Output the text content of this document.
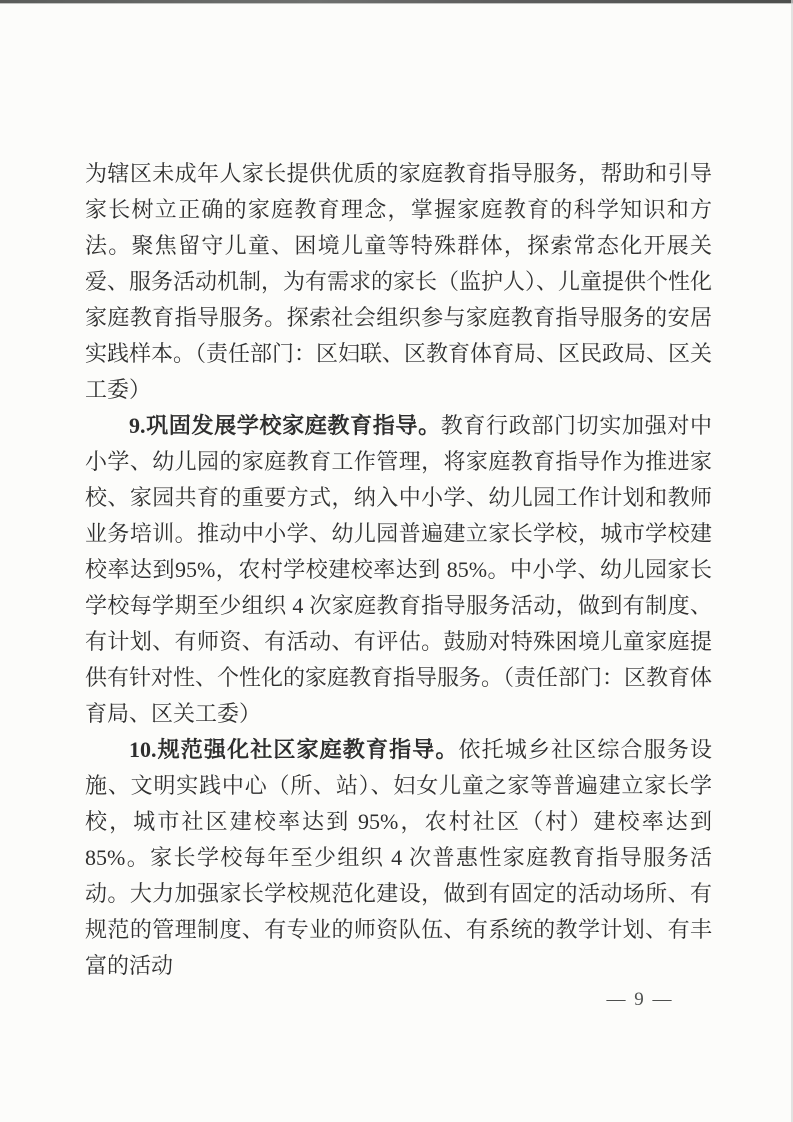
为辖区未成年人家长提供优质的家庭教育指导服务，帮助和引导家长树立正确的家庭教育理念，掌握家庭教育的科学知识和方法。聚焦留守儿童、困境儿童等特殊群体，探索常态化开展关爱、服务活动机制，为有需求的家长（监护人）、儿童提供个性化家庭教育指导服务。探索社会组织参与家庭教育指导服务的安居实践样本。（责任部门：区妇联、区教育体育局、区民政局、区关工委）

9.巩固发展学校家庭教育指导。教育行政部门切实加强对中小学、幼儿园的家庭教育工作管理，将家庭教育指导作为推进家校、家园共育的重要方式，纳入中小学、幼儿园工作计划和教师业务培训。推动中小学、幼儿园普遍建立家长学校，城市学校建校率达到95%，农村学校建校率达到 85%。中小学、幼儿园家长学校每学期至少组织 4 次家庭教育指导服务活动，做到有制度、有计划、有师资、有活动、有评估。鼓励对特殊困境儿童家庭提供有针对性、个性化的家庭教育指导服务。（责任部门：区教育体育局、区关工委）

10.规范强化社区家庭教育指导。依托城乡社区综合服务设施、文明实践中心（所、站）、妇女儿童之家等普遍建立家长学校，城市社区建校率达到 95%，农村社区（村）建校率达到 85%。家长学校每年至少组织 4 次普惠性家庭教育指导服务活动。大力加强家长学校规范化建设，做到有固定的活动场所、有规范的管理制度、有专业的师资队伍、有系统的教学计划、有丰富的活动

— 9 —
